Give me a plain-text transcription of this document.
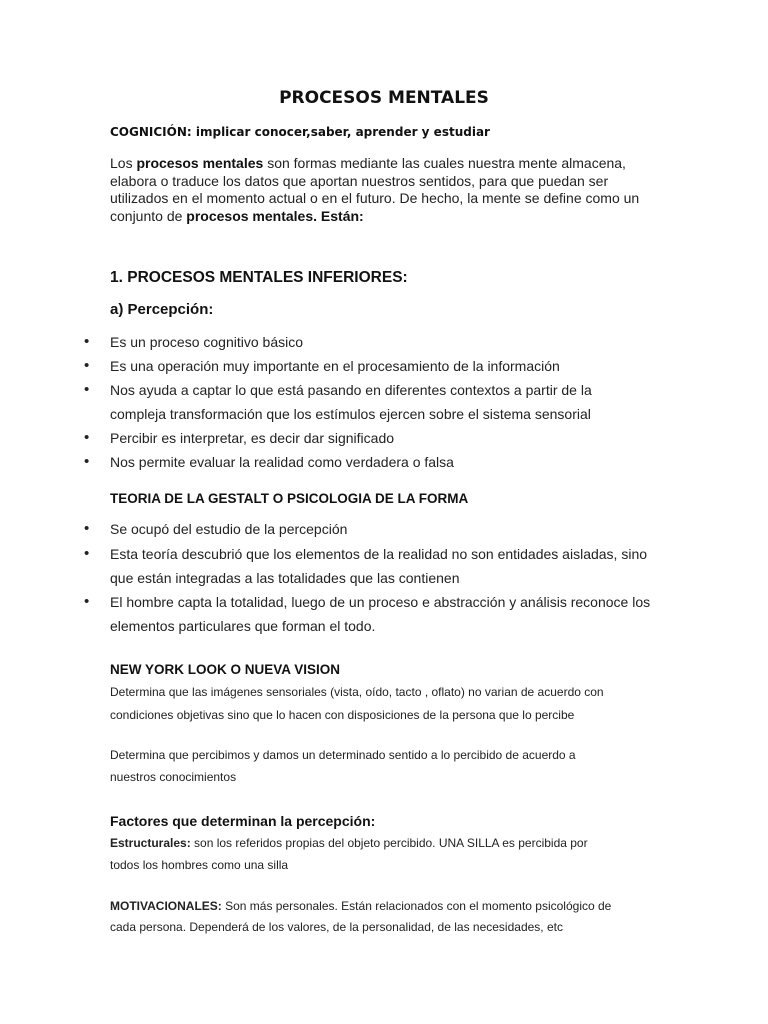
PROCESOS MENTALES
COGNICIÓN: implicar conocer,saber, aprender y estudiar
Los procesos mentales son formas mediante las cuales nuestra mente almacena, elabora o traduce los datos que aportan nuestros sentidos, para que puedan ser utilizados en el momento actual o en el futuro. De hecho, la mente se define como un conjunto de procesos mentales. Están:
1. PROCESOS MENTALES INFERIORES:
a) Percepción:
• Es un proceso cognitivo básico
• Es una operación muy importante en el procesamiento de la información
• Nos ayuda a captar lo que está pasando en diferentes contextos a partir de la
compleja transformación que los estímulos ejercen sobre el sistema sensorial
• Percibir es interpretar, es decir dar significado
• Nos permite evaluar la realidad como verdadera o falsa
TEORIA DE LA GESTALT O PSICOLOGIA DE LA FORMA
• Se ocupó del estudio de la percepción
• Esta teoría descubrió que los elementos de la realidad no son entidades aisladas, sino
que están integradas a las totalidades que las contienen
• El hombre capta la totalidad, luego de un proceso e abstracción y análisis reconoce los
elementos particulares que forman el todo.
NEW YORK LOOK O NUEVA VISION
Determina que las imágenes sensoriales (vista, oído, tacto , oflato) no varian de acuerdo con
condiciones objetivas sino que lo hacen con disposiciones de la persona que lo percibe
Determina que percibimos y damos un determinado sentido a lo percibido de acuerdo a
nuestros conocimientos
Factores que determinan la percepción:
Estructurales: son los referidos propias del objeto percibido. UNA SILLA es percibida por
todos los hombres como una silla
MOTIVACIONALES: Son más personales. Están relacionados con el momento psicológico de
cada persona. Dependerá de los valores, de la personalidad, de las necesidades, etc
